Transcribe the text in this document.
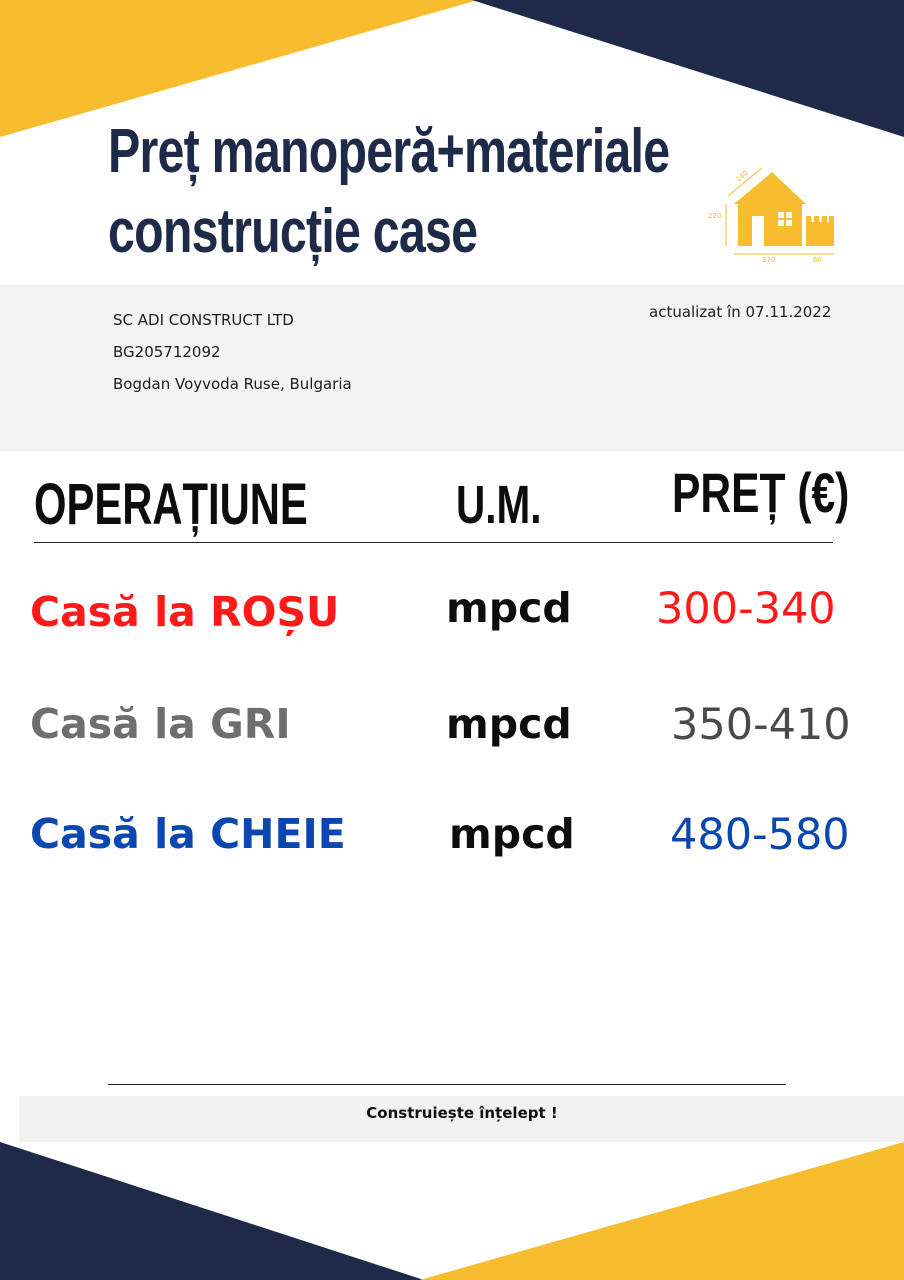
Preț manoperă+materiale
construcție case
140
220
370	60
SC ADI CONSTRUCT LTD
BG205712092
Bogdan Voyvoda Ruse, Bulgaria
actualizat în 07.11.2022
OPERAȚIUNE	U.M. PREȚ (€)
Casă la ROȘU	mpcd 300-340
Casă la GRI	mpcd 350-410
Casă la CHEIE	mpcd 480-580
Construiește înțelept !
